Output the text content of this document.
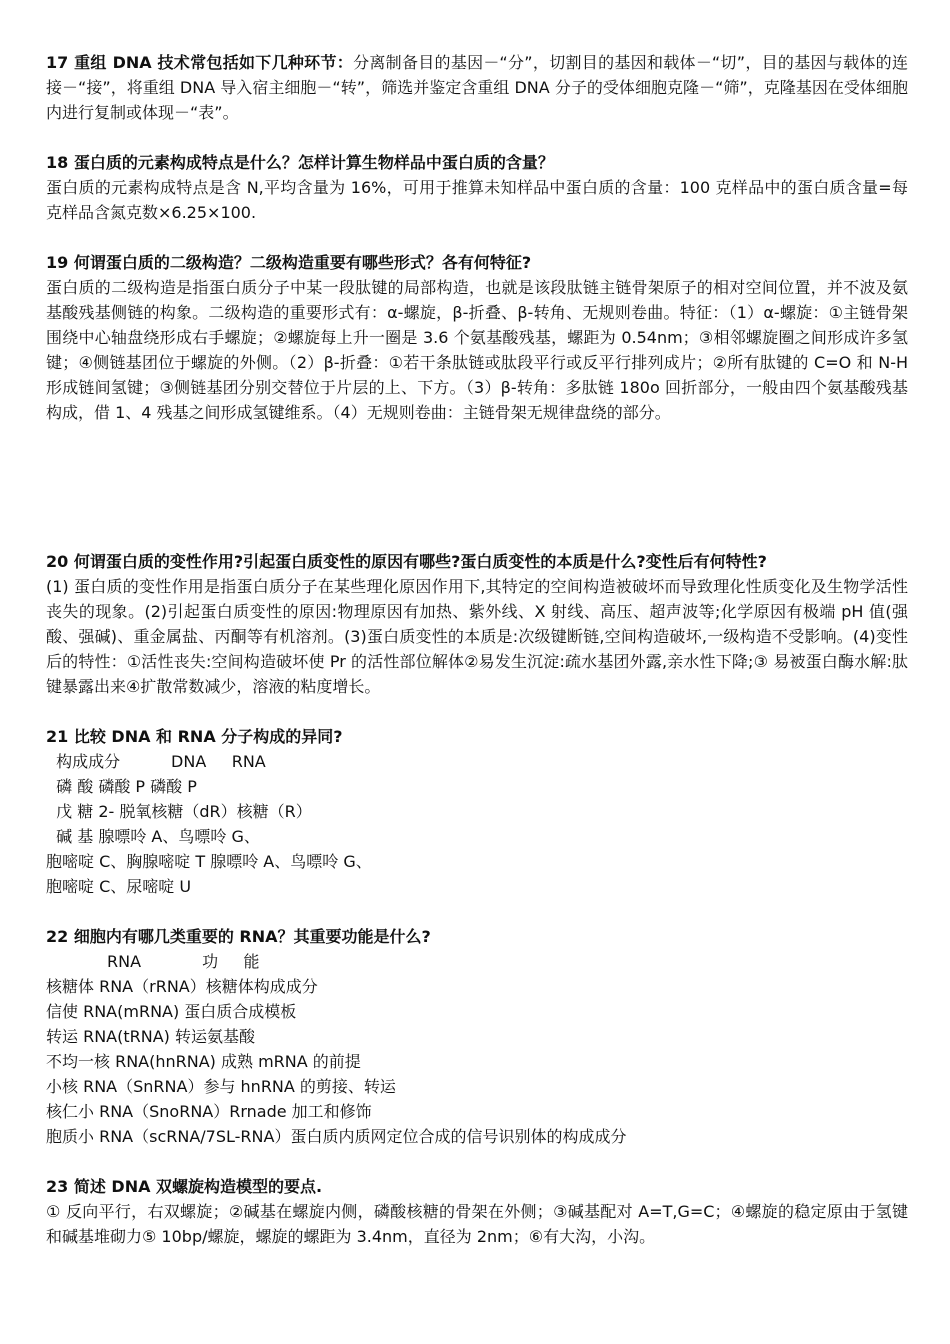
17 重组 DNA 技术常包括如下几种环节：分离制备目的基因－“分”，切割目的基因和载体－“切”，目的基因与载体的连接－“接”，将重组 DNA 导入宿主细胞－“转”，筛选并鉴定含重组 DNA 分子的受体细胞克隆－“筛”，克隆基因在受体细胞内进行复制或体现－“表”。

18 蛋白质的元素构成特点是什么？怎样计算生物样品中蛋白质的含量？

蛋白质的元素构成特点是含 N,平均含量为 16%，可用于推算未知样品中蛋白质的含量：100 克样品中的蛋白质含量=每克样品含氮克数×6.25×100.

19 何谓蛋白质的二级构造？二级构造重要有哪些形式？各有何特征?

蛋白质的二级构造是指蛋白质分子中某一段肽键的局部构造，也就是该段肽链主链骨架原子的相对空间位置，并不波及氨基酸残基侧链的构象。二级构造的重要形式有：α-螺旋，β-折叠、β-转角、无规则卷曲。特征：（1）α-螺旋：①主链骨架围绕中心轴盘绕形成右手螺旋；②螺旋每上升一圈是 3.6 个氨基酸残基，螺距为 0.54nm；③相邻螺旋圈之间形成许多氢键；④侧链基团位于螺旋的外侧。（2）β-折叠：①若干条肽链或肽段平行或反平行排列成片；②所有肽键的 C=O 和 N-H 形成链间氢键；③侧链基团分别交替位于片层的上、下方。（3）β-转角：多肽链 180o 回折部分，一般由四个氨基酸残基构成，借 1、4 残基之间形成氢键维系。（4）无规则卷曲：主链骨架无规律盘绕的部分。

20 何谓蛋白质的变性作用?引起蛋白质变性的原因有哪些?蛋白质变性的本质是什么?变性后有何特性?

(1) 蛋白质的变性作用是指蛋白质分子在某些理化原因作用下,其特定的空间构造被破坏而导致理化性质变化及生物学活性丧失的现象。(2)引起蛋白质变性的原因:物理原因有加热、紫外线、X 射线、高压、超声波等;化学原因有极端 pH 值(强酸、强碱)、重金属盐、丙酮等有机溶剂。(3)蛋白质变性的本质是:次级键断链,空间构造破坏,一级构造不受影响。(4)变性后的特性：①活性丧失:空间构造破坏使 Pr 的活性部位解体②易发生沉淀:疏水基团外露,亲水性下降;③ 易被蛋白酶水解:肽键暴露出来④扩散常数减少，溶液的粘度增长。

21 比较 DNA 和 RNA 分子构成的异同?

构成成分          DNA     RNA

磷 酸 磷酸 P 磷酸 P

戊 糖 2- 脱氧核糖（dR）核糖（R）

碱 基 腺嘌呤 A、鸟嘌呤 G、

胞嘧啶 C、胸腺嘧啶 T 腺嘌呤 A、鸟嘌呤 G、

胞嘧啶 C、尿嘧啶 U

22 细胞内有哪几类重要的 RNA？其重要功能是什么?

RNA            功     能

核糖体 RNA（rRNA）核糖体构成成分

信使 RNA(mRNA) 蛋白质合成模板

转运 RNA(tRNA) 转运氨基酸

不均一核 RNA(hnRNA) 成熟 mRNA 的前提

小核 RNA（SnRNA）参与 hnRNA 的剪接、转运

核仁小 RNA（SnoRNA）Rrnade 加工和修饰

胞质小 RNA（scRNA/7SL-RNA）蛋白质内质网定位合成的信号识别体的构成成分

23 简述 DNA 双螺旋构造模型的要点.

① 反向平行，右双螺旋；②碱基在螺旋内侧，磷酸核糖的骨架在外侧；③碱基配对 A=T,G=C；④螺旋的稳定原由于氢键和碱基堆砌力⑤ 10bp/螺旋，螺旋的螺距为 3.4nm，直径为 2nm；⑥有大沟，小沟。
